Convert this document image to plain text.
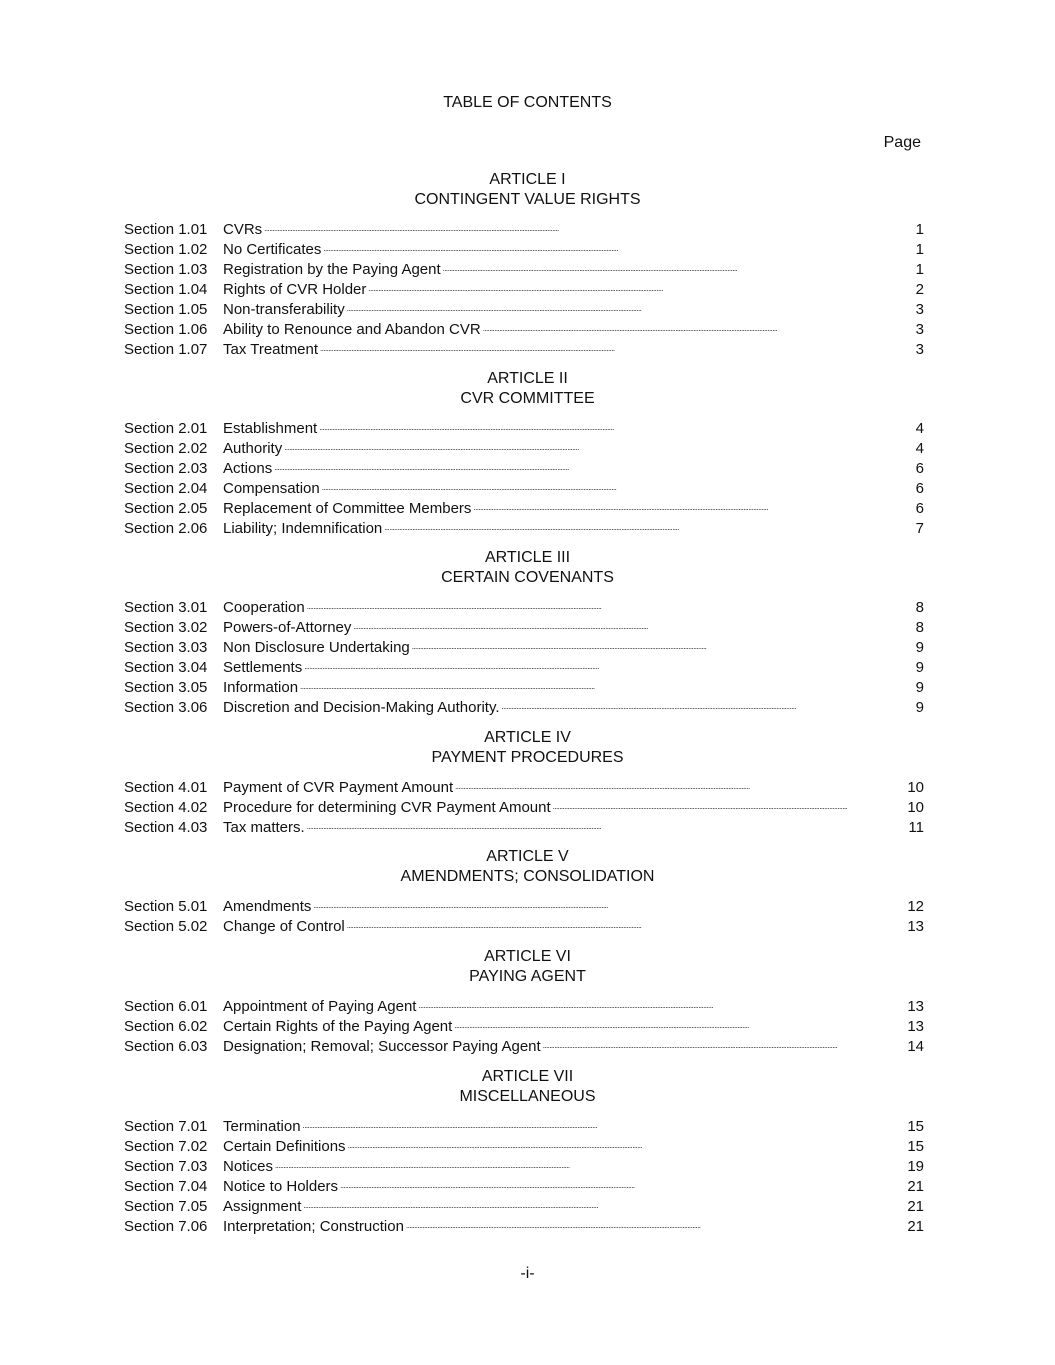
TABLE OF CONTENTS
Page
ARTICLE I
CONTINGENT VALUE RIGHTS
Section 1.01	CVRs . . .	1
Section 1.02	No Certificates . . .	1
Section 1.03	Registration by the Paying Agent . . .	1
Section 1.04	Rights of CVR Holder . . .	2
Section 1.05	Non-transferability . . .	3
Section 1.06	Ability to Renounce and Abandon CVR . . .	3
Section 1.07	Tax Treatment . . .	3
ARTICLE II
CVR COMMITTEE
Section 2.01	Establishment . . .	4
Section 2.02	Authority . . .	4
Section 2.03	Actions . . .	6
Section 2.04	Compensation . . .	6
Section 2.05	Replacement of Committee Members . . .	6
Section 2.06	Liability; Indemnification . . .	7
ARTICLE III
CERTAIN COVENANTS
Section 3.01	Cooperation . . .	8
Section 3.02	Powers-of-Attorney . . .	8
Section 3.03	Non Disclosure Undertaking . . .	9
Section 3.04	Settlements . . .	9
Section 3.05	Information . . .	9
Section 3.06	Discretion and Decision-Making Authority. . . .	9
ARTICLE IV
PAYMENT PROCEDURES
Section 4.01	Payment of CVR Payment Amount . . .	10
Section 4.02	Procedure for determining CVR Payment Amount . . .	10
Section 4.03	Tax matters. . . .	11
ARTICLE V
AMENDMENTS; CONSOLIDATION
Section 5.01	Amendments . . .	12
Section 5.02	Change of Control . . .	13
ARTICLE VI
PAYING AGENT
Section 6.01	Appointment of Paying Agent . . .	13
Section 6.02	Certain Rights of the Paying Agent . . .	13
Section 6.03	Designation; Removal; Successor Paying Agent . . .	14
ARTICLE VII
MISCELLANEOUS
Section 7.01	Termination . . .	15
Section 7.02	Certain Definitions . . .	15
Section 7.03	Notices . . .	19
Section 7.04	Notice to Holders . . .	21
Section 7.05	Assignment . . .	21
Section 7.06	Interpretation; Construction . . .	21
-i-
